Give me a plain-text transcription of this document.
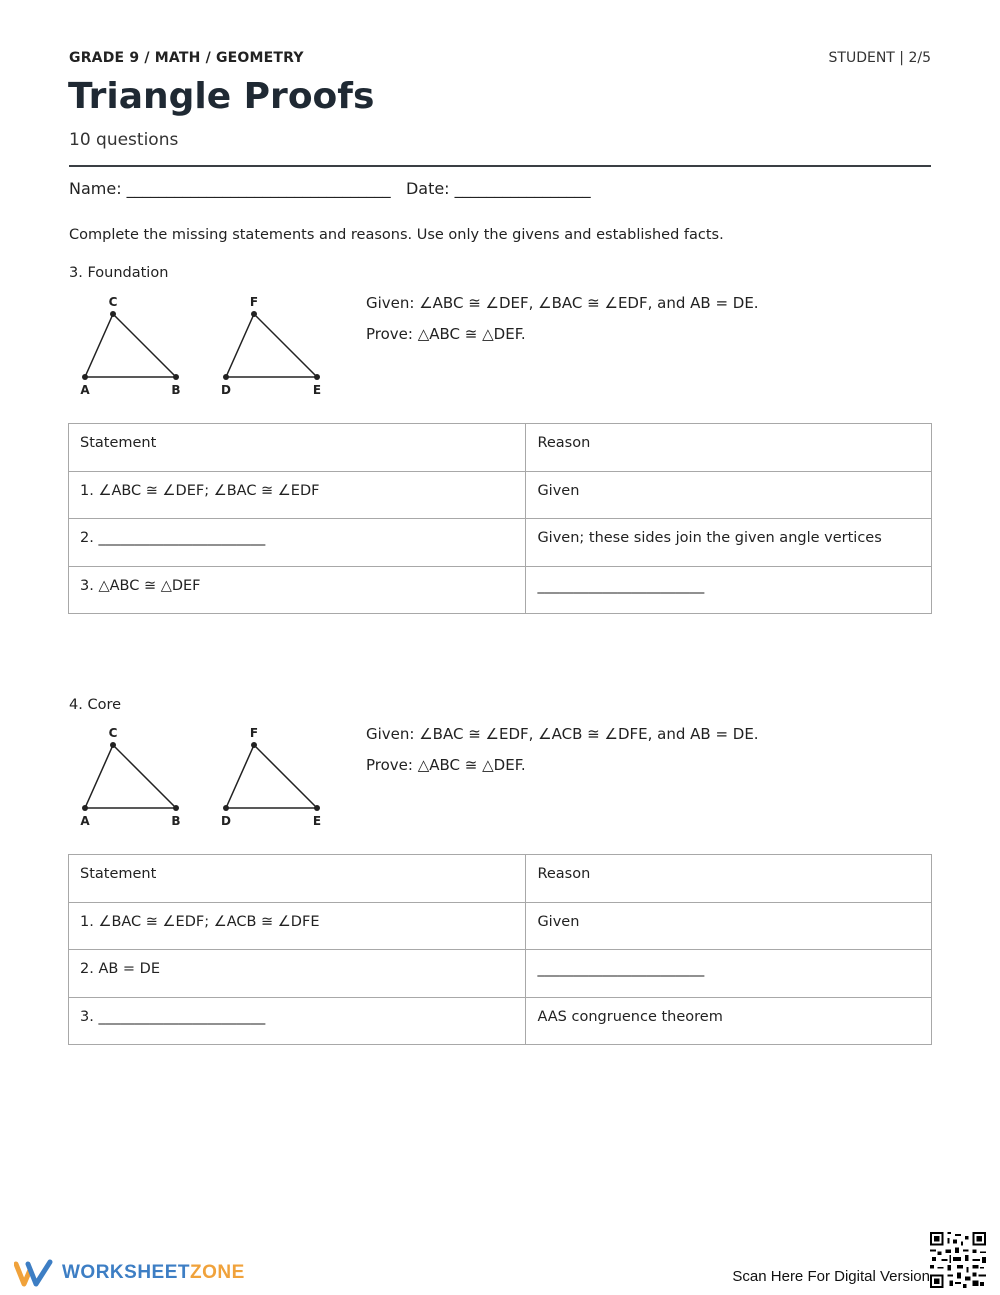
GRADE 9 / MATH / GEOMETRY	STUDENT | 2/5
Triangle Proofs
10 questions
Name: _________________________________   Date: _________________
Complete the missing statements and reasons. Use only the givens and established facts.
3. Foundation
A	B
C
D	E
F	Given: ∠ABC ≅ ∠DEF, ∠BAC ≅ ∠EDF, and AB = DE.
Prove: △ABC ≅ △DEF.
Statement	Reason
1. ∠ABC ≅ ∠DEF; ∠BAC ≅ ∠EDF	Given
2. _______________________	Given; these sides join the given angle vertices
3. △ABC ≅ △DEF	_______________________
4. Core
A	B
C
D	E
F	Given: ∠BAC ≅ ∠EDF, ∠ACB ≅ ∠DFE, and AB = DE.
Prove: △ABC ≅ △DEF.
Statement	Reason
1. ∠BAC ≅ ∠EDF; ∠ACB ≅ ∠DFE	Given
2. AB = DE	_______________________
3. _______________________	AAS congruence theorem
WORKSHEETZONE	Scan Here For Digital Version
